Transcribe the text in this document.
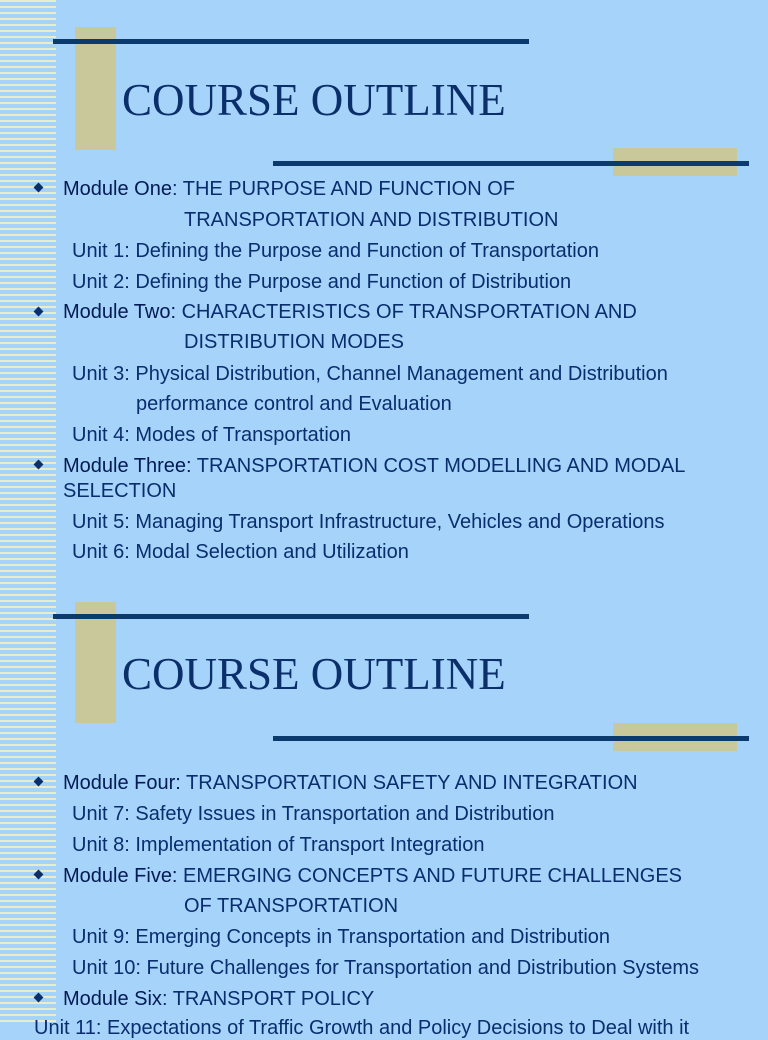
COURSE OUTLINE
Module One: THE PURPOSE AND FUNCTION OF
TRANSPORTATION AND DISTRIBUTION
Unit 1: Defining the Purpose and Function of Transportation
Unit 2: Defining the Purpose and Function of Distribution
Module Two: CHARACTERISTICS OF TRANSPORTATION AND
DISTRIBUTION MODES
Unit 3: Physical Distribution, Channel Management and Distribution
performance control and Evaluation
Unit 4: Modes of Transportation
Module Three: TRANSPORTATION COST MODELLING AND MODAL
SELECTION
Unit 5: Managing Transport Infrastructure, Vehicles and Operations
Unit 6: Modal Selection and Utilization
COURSE OUTLINE
Module Four: TRANSPORTATION SAFETY AND INTEGRATION
Unit 7: Safety Issues in Transportation and Distribution
Unit 8: Implementation of Transport Integration
Module Five: EMERGING CONCEPTS AND FUTURE CHALLENGES
OF TRANSPORTATION
Unit 9: Emerging Concepts in Transportation and Distribution
Unit 10: Future Challenges for Transportation and Distribution Systems
Module Six: TRANSPORT POLICY
Unit 11: Expectations of Traffic Growth and Policy Decisions to Deal with it
